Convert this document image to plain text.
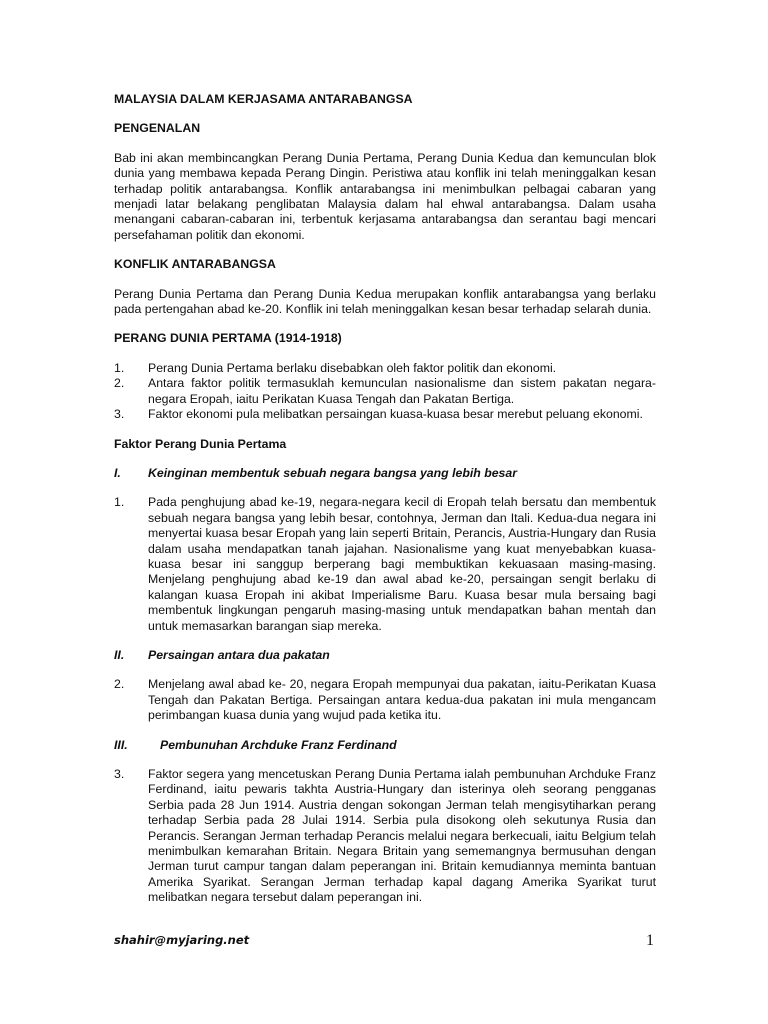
MALAYSIA DALAM KERJASAMA ANTARABANGSA

PENGENALAN

Bab ini akan membincangkan Perang Dunia Pertama, Perang Dunia Kedua dan kemunculan blok dunia yang membawa kepada Perang Dingin. Peristiwa atau konflik ini telah meninggalkan kesan terhadap politik antarabangsa. Konflik antarabangsa ini menimbulkan pelbagai cabaran yang menjadi latar belakang penglibatan Malaysia dalam hal ehwal antarabangsa. Dalam usaha menangani cabaran-cabaran ini, terbentuk kerjasama antarabangsa dan serantau bagi mencari persefahaman politik dan ekonomi.

KONFLIK ANTARABANGSA

Perang Dunia Pertama dan Perang Dunia Kedua merupakan konflik antarabangsa yang berlaku pada pertengahan abad ke-20. Konflik ini telah meninggalkan kesan besar terhadap selarah dunia.

PERANG DUNIA PERTAMA (1914-1918)

1.	Perang Dunia Pertama berlaku disebabkan oleh faktor politik dan ekonomi.
2.	Antara faktor politik termasuklah kemunculan nasionalisme dan sistem pakatan negara-negara Eropah, iaitu Perikatan Kuasa Tengah dan Pakatan Bertiga.
3.	Faktor ekonomi pula melibatkan persaingan kuasa-kuasa besar merebut peluang ekonomi.

Faktor Perang Dunia Pertama

I.	Keinginan membentuk sebuah negara bangsa yang lebih besar
1.	Pada penghujung abad ke-19, negara-negara kecil di Eropah telah bersatu dan membentuk sebuah negara bangsa yang lebih besar, contohnya, Jerman dan Itali. Kedua-dua negara ini menyertai kuasa besar Eropah yang lain seperti Britain, Perancis, Austria-Hungary dan Rusia dalam usaha mendapatkan tanah jajahan. Nasionalisme yang kuat menyebabkan kuasa-kuasa besar ini sanggup berperang bagi membuktikan kekuasaan masing-masing. Menjelang penghujung abad ke-19 dan awal abad ke-20, persaingan sengit berlaku di kalangan kuasa Eropah ini akibat Imperialisme Baru. Kuasa besar mula bersaing bagi membentuk lingkungan pengaruh masing-masing untuk mendapatkan bahan mentah dan untuk memasarkan barangan siap mereka.
II.	Persaingan antara dua pakatan
2.	Menjelang awal abad ke- 20, negara Eropah mempunyai dua pakatan, iaitu-Perikatan Kuasa Tengah dan Pakatan Bertiga. Persaingan antara kedua-dua pakatan ini mula mengancam perimbangan kuasa dunia yang wujud pada ketika itu.
III.	Pembunuhan Archduke Franz Ferdinand
3.	Faktor segera yang mencetuskan Perang Dunia Pertama ialah pembunuhan Archduke Franz Ferdinand, iaitu pewaris takhta Austria-Hungary dan isterinya oleh seorang pengganas Serbia pada 28 Jun 1914. Austria dengan sokongan Jerman telah mengisytiharkan perang terhadap Serbia pada 28 Julai 1914. Serbia pula disokong oleh sekutunya Rusia dan Perancis. Serangan Jerman terhadap Perancis melalui negara berkecuali, iaitu Belgium telah menimbulkan kemarahan Britain. Negara Britain yang sememangnya bermusuhan dengan Jerman turut campur tangan dalam peperangan ini. Britain kemudiannya meminta bantuan Amerika Syarikat. Serangan Jerman terhadap kapal dagang Amerika Syarikat turut melibatkan negara tersebut dalam peperangan ini.
shahir@myjaring.net	1
